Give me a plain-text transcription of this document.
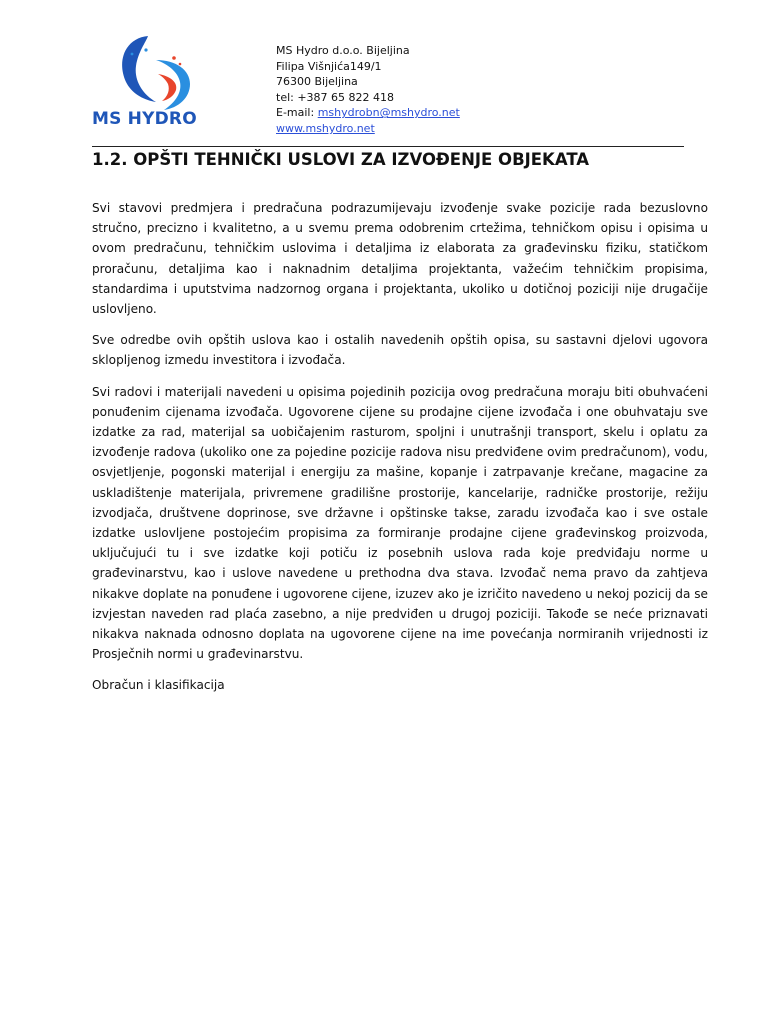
MS HYDRO
MS Hydro d.o.o. Bijeljina
Filipa Višnjića149/1
76300 Bijeljina
tel: +387 65 822 418
E-mail: mshydrobn@mshydro.net
www.mshydro.net
1.2. OPŠTI TEHNIČKI USLOVI ZA IZVOĐENJE OBJEKATA

Svi stavovi predmjera i predračuna podrazumijevaju izvođenje svake pozicije rada bezuslovno stručno, precizno i kvalitetno, a u svemu prema odobrenim crtežima, tehničkom opisu i opisima u ovom predračunu, tehničkim uslovima i detaljima iz elaborata za građevinsku fiziku, statičkom proračunu, detaljima kao i naknadnim detaljima projektanta, važećim tehničkim propisima, standardima i uputstvima nadzornog organa i projektanta, ukoliko u dotičnoj poziciji nije drugačije uslovljeno.

Sve odredbe ovih opštih uslova kao i ostalih navedenih opštih opisa, su sastavni djelovi ugovora sklopljenog izmedu investitora i izvođača.

Svi radovi i materijali navedeni u opisima pojedinih pozicija ovog predračuna moraju biti obuhvaćeni ponuđenim cijenama izvođača. Ugovorene cijene su prodajne cijene izvođača i one obuhvataju sve izdatke za rad, materijal sa uobičajenim rasturom, spoljni i unutrašnji transport, skelu i oplatu za izvođenje radova (ukoliko one za pojedine pozicije radova nisu predviđene ovim predračunom), vodu, osvjetljenje, pogonski materijal i energiju za mašine, kopanje i zatrpavanje krečane, magacine za uskladištenje materijala, privremene gradilišne prostorije, kancelarije, radničke prostorije, režiju izvodjača, društvene doprinose, sve državne i opštinske takse, zaradu izvođača kao i sve ostale izdatke uslovljene postojećim propisima za formiranje prodajne cijene građevinskog proizvoda, uključujući tu i sve izdatke koji potiču iz posebnih uslova rada koje predviđaju norme u građevinarstvu, kao i uslove navedene u prethodna dva stava. Izvođač nema pravo da zahtjeva nikakve doplate na ponuđene i ugovorene cijene, izuzev ako je izričito navedeno u nekoj pozicij da se izvjestan naveden rad plaća zasebno, a nije predviđen u drugoj poziciji. Takođe se neće priznavati nikakva naknada odnosno doplata na ugovorene cijene na ime povećanja normiranih vrijednosti iz Prosječnih normi u građevinarstvu.

Obračun i klasifikacija
